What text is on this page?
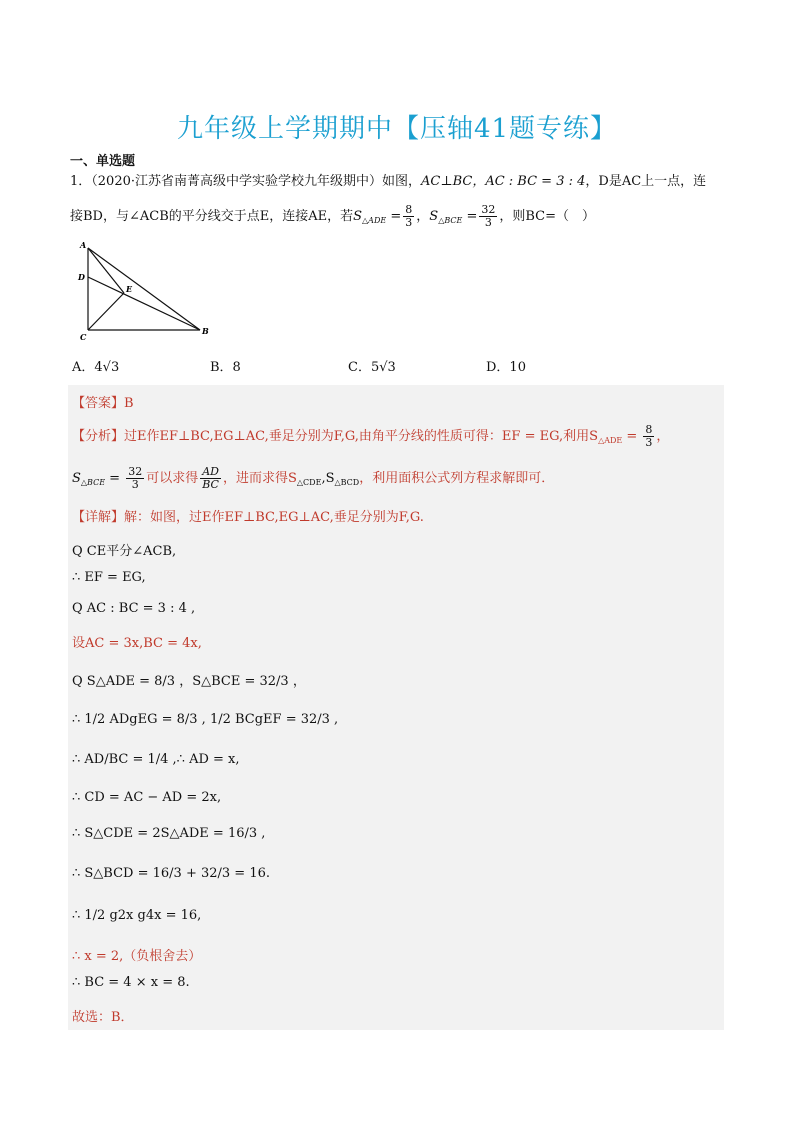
九年级上学期期中【压轴41题专练】
一、单选题
1．（2020·江苏省南菁高级中学实验学校九年级期中）如图，AC⊥BC，AC : BC = 3 : 4，D是AC上一点，连
接BD，与∠ACB的平分线交于点E，连接AE，若$S_{\triangle ADE} = \frac{8}{3}$ ，$S_{\triangle BCE} = \frac{32}{3}$ ，则BC=（　）
A
D
E
C
B
A．4√3	B．8	C．5√3	D．10
【答案】B
【分析】过E作EF⊥BC,EG⊥AC,垂足分别为F,G,由角平分线的性质可得：EF = EG,利用$S_{\triangle ADE} = \frac{8}{3}$ ，
$S_{\triangle BCE} = \frac{32}{3}$ 可以求得 $\frac{AD}{BC}$ ，进而求得$S_{\triangle CDE},S_{\triangle BCD}$，利用面积公式列方程求解即可．
【详解】解：如图，过E作EF⊥BC,EG⊥AC,垂足分别为F,G.
Q CE平分∠ACB,
∴ EF = EG,
Q AC : BC = 3 : 4 ,
设AC = 3x,BC = 4x,
Q S△ADE = 8/3 ，S△BCE = 32/3 ，
∴ 1/2 ADgEG = 8/3 , 1/2 BCgEF = 32/3 ,
∴ AD/BC = 1/4 ,∴ AD = x,
∴ CD = AC − AD = 2x,
∴ S△CDE = 2S△ADE = 16/3 ,
∴ S△BCD = 16/3 + 32/3 = 16.
∴ 1/2 g2x g4x = 16,
∴ x = 2,（负根舍去）
∴ BC = 4 × x = 8.
故选：B．
